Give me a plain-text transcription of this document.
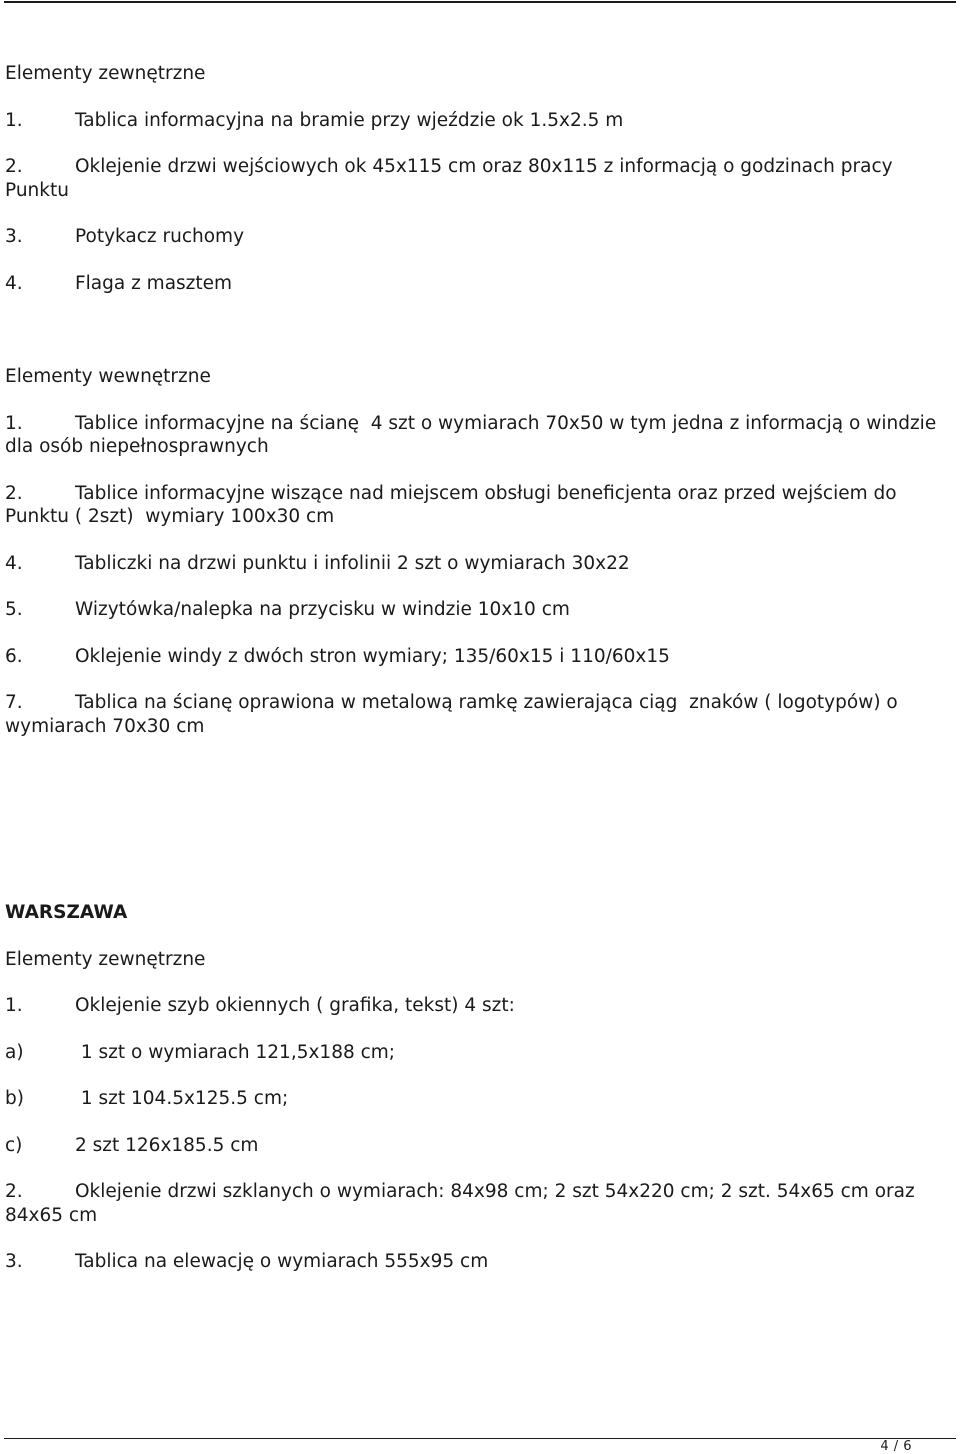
Elementy zewnętrzne

1.	Tablica informacyjna na bramie przy wjeździe ok 1.5x2.5 m

2.	Oklejenie drzwi wejściowych ok 45x115 cm oraz 80x115 z informacją o godzinach pracy Punktu

3.	Potykacz ruchomy

4.	Flaga z masztem

Elementy wewnętrzne

1.	Tablice informacyjne na ścianę  4 szt o wymiarach 70x50 w tym jedna z informacją o windzie dla osób niepełnosprawnych

2.	Tablice informacyjne wiszące nad miejscem obsługi beneficjenta oraz przed wejściem do Punktu ( 2szt)  wymiary 100x30 cm

4.	Tabliczki na drzwi punktu i infolinii 2 szt o wymiarach 30x22

5.	Wizytówka/nalepka na przycisku w windzie 10x10 cm

6.	Oklejenie windy z dwóch stron wymiary; 135/60x15 i 110/60x15

7.	Tablica na ścianę oprawiona w metalową ramkę zawierająca ciąg  znaków ( logotypów) o wymiarach 70x30 cm

WARSZAWA

Elementy zewnętrzne

1.	Oklejenie szyb okiennych ( grafika, tekst) 4 szt:

a)	1 szt o wymiarach 121,5x188 cm;

b)	1 szt 104.5x125.5 cm;

c)	2 szt 126x185.5 cm

2.	Oklejenie drzwi szklanych o wymiarach: 84x98 cm; 2 szt 54x220 cm; 2 szt. 54x65 cm oraz 84x65 cm

3.	Tablica na elewację o wymiarach 555x95 cm

4 / 6
